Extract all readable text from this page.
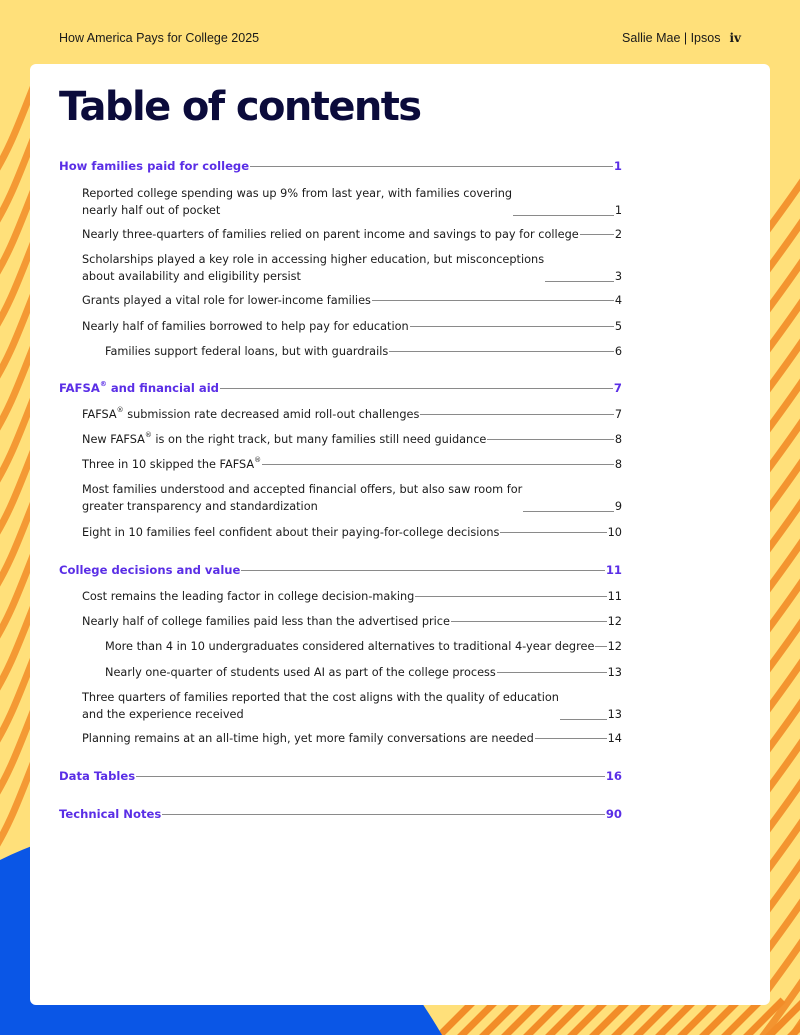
How America Pays for College 2025	Sallie Mae | Ipsos iv
Table of contents
How families paid for college	1
Reported college spending was up 9% from last year, with families covering
nearly half out of pocket	1
Nearly three-quarters of families relied on parent income and savings to pay for college	2
Scholarships played a key role in accessing higher education, but misconceptions
about availability and eligibility persist	3
Grants played a vital role for lower-income families	4
Nearly half of families borrowed to help pay for education	5
Families support federal loans, but with guardrails	6
FAFSA® and financial aid	7
FAFSA® submission rate decreased amid roll-out challenges	7
New FAFSA® is on the right track, but many families still need guidance	8
Three in 10 skipped the FAFSA®	8
Most families understood and accepted financial offers, but also saw room for
greater transparency and standardization	9
Eight in 10 families feel confident about their paying-for-college decisions	10
College decisions and value	11
Cost remains the leading factor in college decision-making	11
Nearly half of college families paid less than the advertised price	12
More than 4 in 10 undergraduates considered alternatives to traditional 4-year degree 12
Nearly one-quarter of students used AI as part of the college process	13
Three quarters of families reported that the cost aligns with the quality of education
and the experience received	13
Planning remains at an all-time high, yet more family conversations are needed	14
Data Tables	16
Technical Notes	90
